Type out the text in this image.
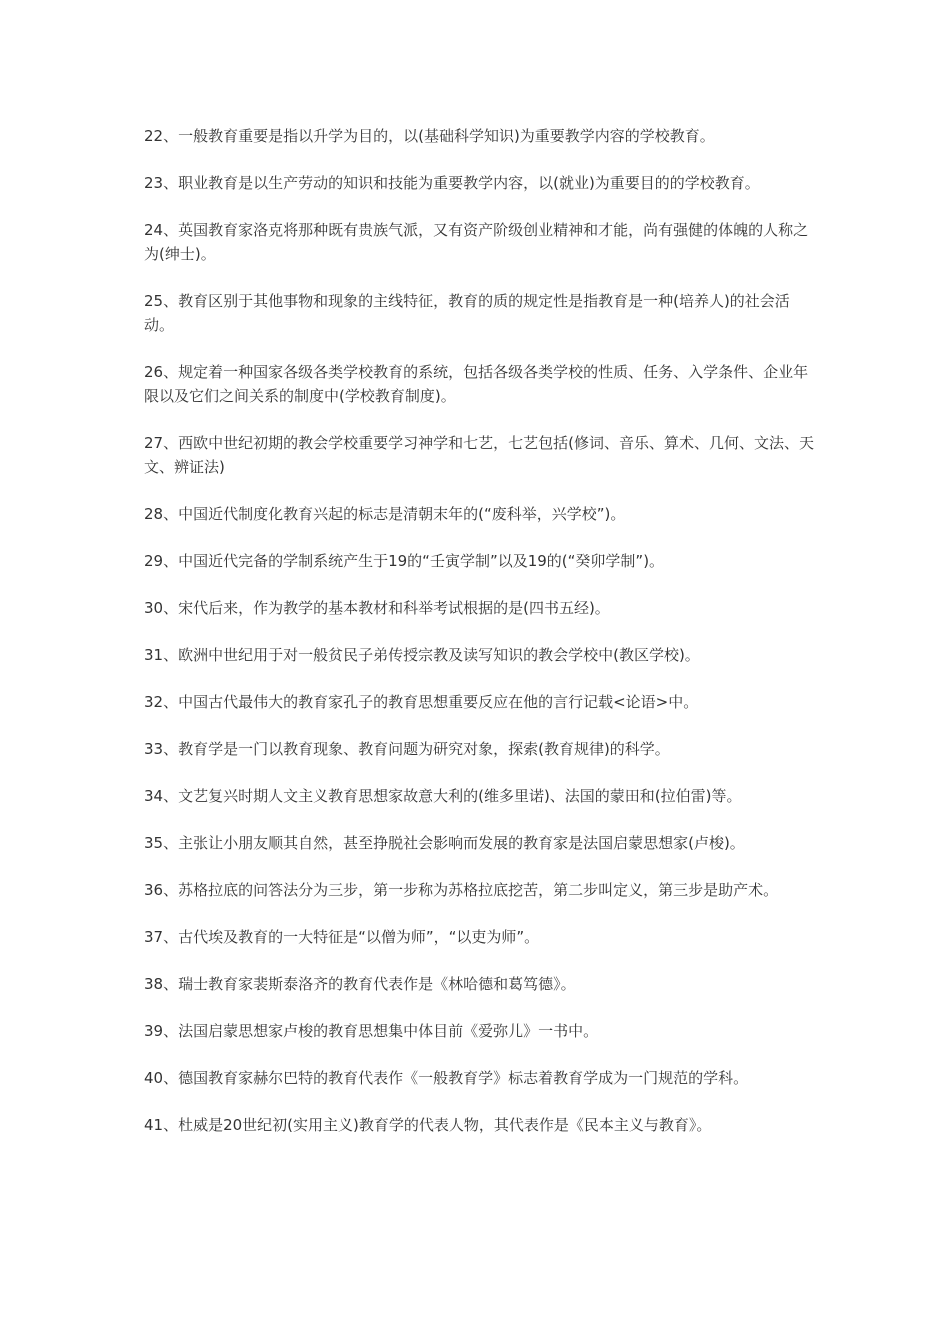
22、一般教育重要是指以升学为目的，以(基础科学知识)为重要教学内容的学校教育。
23、职业教育是以生产劳动的知识和技能为重要教学内容，以(就业)为重要目的的学校教育。
24、英国教育家洛克将那种既有贵族气派，又有资产阶级创业精神和才能，尚有强健的体魄的人称之为(绅士)。
25、教育区别于其他事物和现象的主线特征，教育的质的规定性是指教育是一种(培养人)的社会活动。
26、规定着一种国家各级各类学校教育的系统，包括各级各类学校的性质、任务、入学条件、企业年限以及它们之间关系的制度中(学校教育制度)。
27、西欧中世纪初期的教会学校重要学习神学和七艺，七艺包括(修词、音乐、算术、几何、文法、天文、辨证法)
28、中国近代制度化教育兴起的标志是清朝末年的(“废科举，兴学校”)。
29、中国近代完备的学制系统产生于19的“壬寅学制”以及19的(“癸卯学制”)。
30、宋代后来，作为教学的基本教材和科举考试根据的是(四书五经)。
31、欧洲中世纪用于对一般贫民子弟传授宗教及读写知识的教会学校中(教区学校)。
32、中国古代最伟大的教育家孔子的教育思想重要反应在他的言行记载<论语>中。
33、教育学是一门以教育现象、教育问题为研究对象，探索(教育规律)的科学。
34、文艺复兴时期人文主义教育思想家故意大利的(维多里诺)、法国的蒙田和(拉伯雷)等。
35、主张让小朋友顺其自然，甚至挣脱社会影响而发展的教育家是法国启蒙思想家(卢梭)。
36、苏格拉底的问答法分为三步，第一步称为苏格拉底挖苦，第二步叫定义，第三步是助产术。
37、古代埃及教育的一大特征是“以僧为师”，“以吏为师”。
38、瑞士教育家裴斯泰洛齐的教育代表作是《林哈德和葛笃德》。
39、法国启蒙思想家卢梭的教育思想集中体目前《爱弥儿》一书中。
40、德国教育家赫尔巴特的教育代表作《一般教育学》标志着教育学成为一门规范的学科。
41、杜威是20世纪初(实用主义)教育学的代表人物，其代表作是《民本主义与教育》。
